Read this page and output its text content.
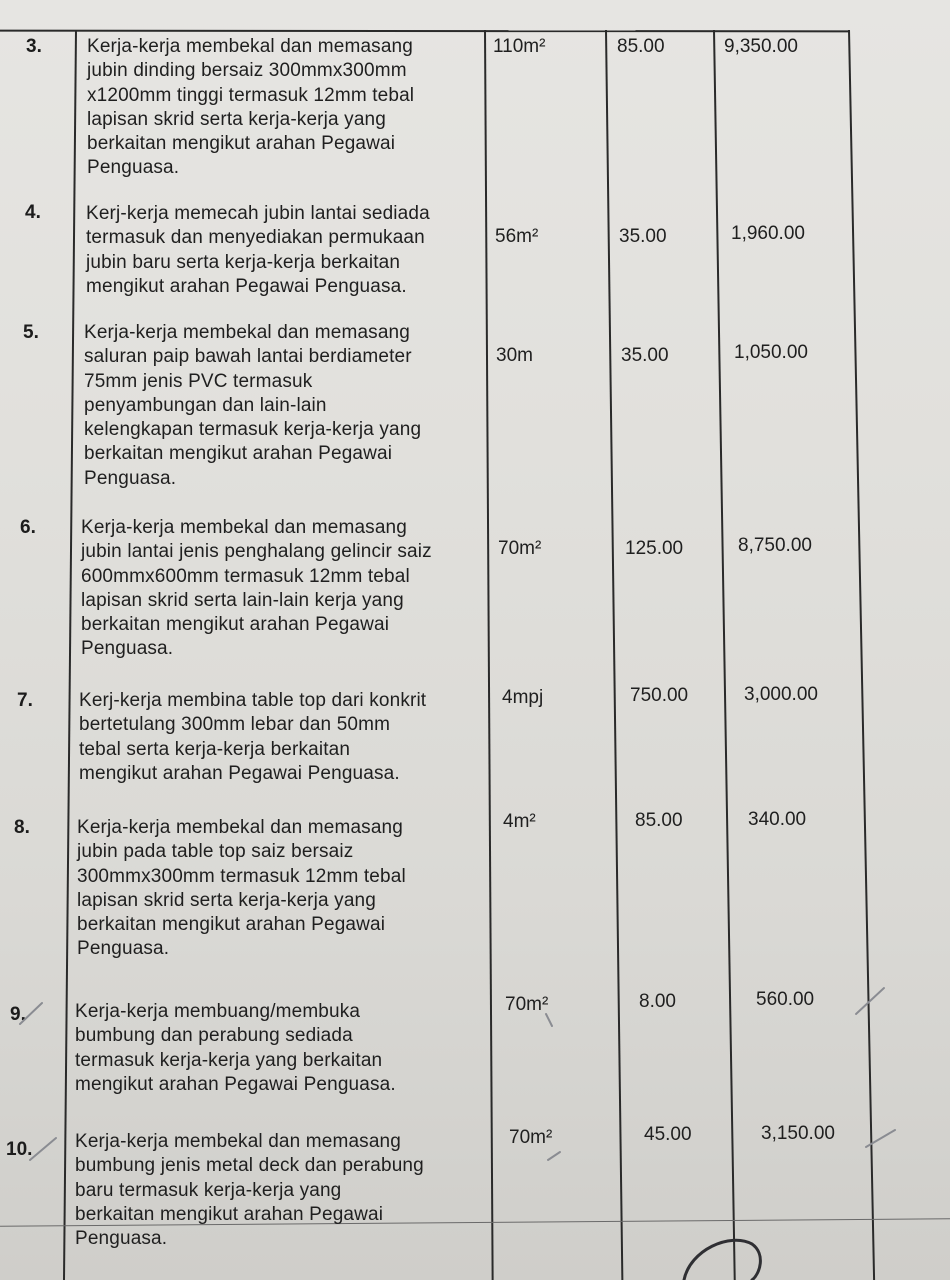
3. Kerja-kerja membekal dan memasang
jubin dinding bersaiz 300mmx300mm
x1200mm tinggi termasuk 12mm tebal
lapisan skrid serta kerja-kerja yang
berkaitan mengikut arahan Pegawai
Penguasa.
110m²	85.00	9,350.00
4. Kerj-kerja memecah jubin lantai sediada
termasuk dan menyediakan permukaan
jubin baru serta kerja-kerja berkaitan
mengikut arahan Pegawai Penguasa.
56m²	35.00	1,960.00
5. Kerja-kerja membekal dan memasang
saluran paip bawah lantai berdiameter
75mm jenis PVC termasuk
penyambungan dan lain-lain
kelengkapan termasuk kerja-kerja yang
berkaitan mengikut arahan Pegawai
Penguasa.
30m	35.00	1,050.00
6. Kerja-kerja membekal dan memasang
jubin lantai jenis penghalang gelincir saiz
600mmx600mm termasuk 12mm tebal
lapisan skrid serta lain-lain kerja yang
berkaitan mengikut arahan Pegawai
Penguasa.
70m²	125.00	8,750.00
7. Kerj-kerja membina table top dari konkrit
bertetulang 300mm lebar dan 50mm
tebal serta kerja-kerja berkaitan
mengikut arahan Pegawai Penguasa.
4mpj	750.00	3,000.00
8. Kerja-kerja membekal dan memasang
jubin pada table top saiz bersaiz
300mmx300mm termasuk 12mm tebal
lapisan skrid serta kerja-kerja yang
berkaitan mengikut arahan Pegawai
Penguasa.
4m²	85.00	340.00
9.	Kerja-kerja membuang/membuka
bumbung dan perabung sediada
termasuk kerja-kerja yang berkaitan
mengikut arahan Pegawai Penguasa.
70m²	8.00	560.00
10. Kerja-kerja membekal dan memasang
bumbung jenis metal deck dan perabung
baru termasuk kerja-kerja yang
berkaitan mengikut arahan Pegawai
Penguasa.
70m²	45.00	3,150.00
